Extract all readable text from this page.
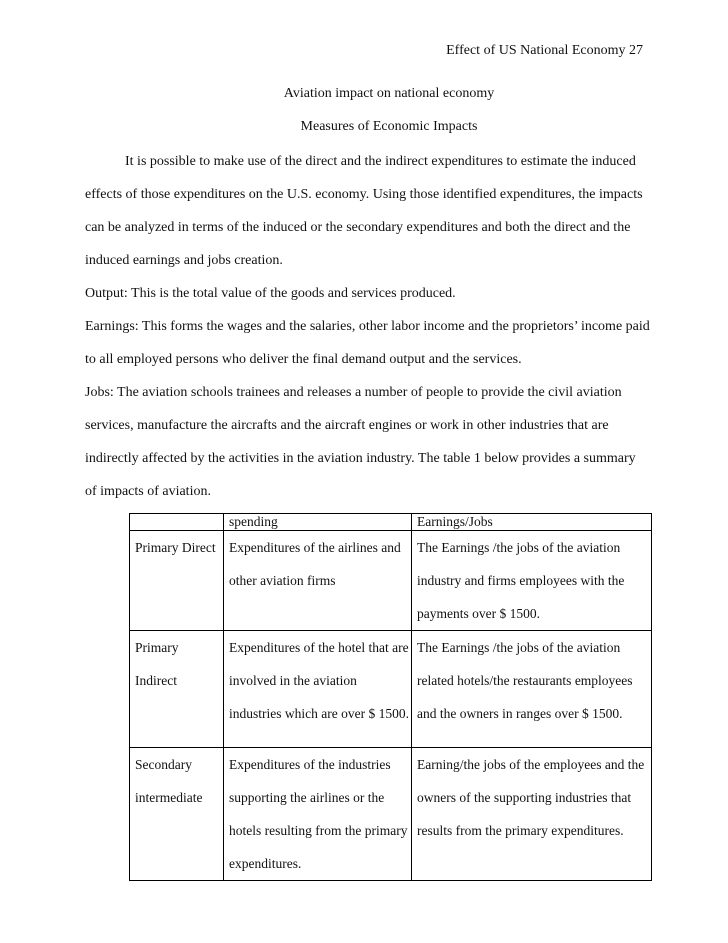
Effect of US National Economy 27
Aviation impact on national economy
Measures of Economic Impacts
It is possible to make use of the direct and the indirect expenditures to estimate the induced effects of those expenditures on the U.S. economy. Using those identified expenditures, the impacts can be analyzed in terms of the induced or the secondary expenditures and both the direct and the induced earnings and jobs creation.
Output: This is the total value of the goods and services produced.
Earnings: This forms the wages and the salaries, other labor income and the proprietors’ income paid to all employed persons who deliver the final demand output and the services.
Jobs: The aviation schools trainees and releases a number of people to provide the civil aviation services, manufacture the aircrafts and the aircraft engines or work in other industries that are indirectly affected by the activities in the aviation industry. The table 1 below provides a summary of impacts of aviation.
	spending	Earnings/Jobs

Primary Direct	Expenditures of the airlines and other aviation firms	The Earnings /the jobs of the aviation industry and firms employees with the payments over $ 1500.

Primary Indirect	Expenditures of the hotel that are involved in the aviation industries which are over $ 1500.	The Earnings /the jobs of the aviation related hotels/the restaurants employees and the owners in ranges over $ 1500.

Secondary intermediate	Expenditures of the industries supporting the airlines or the hotels resulting from the primary expenditures.	Earning/the jobs of the employees and the owners of the supporting industries that results from the primary expenditures.
